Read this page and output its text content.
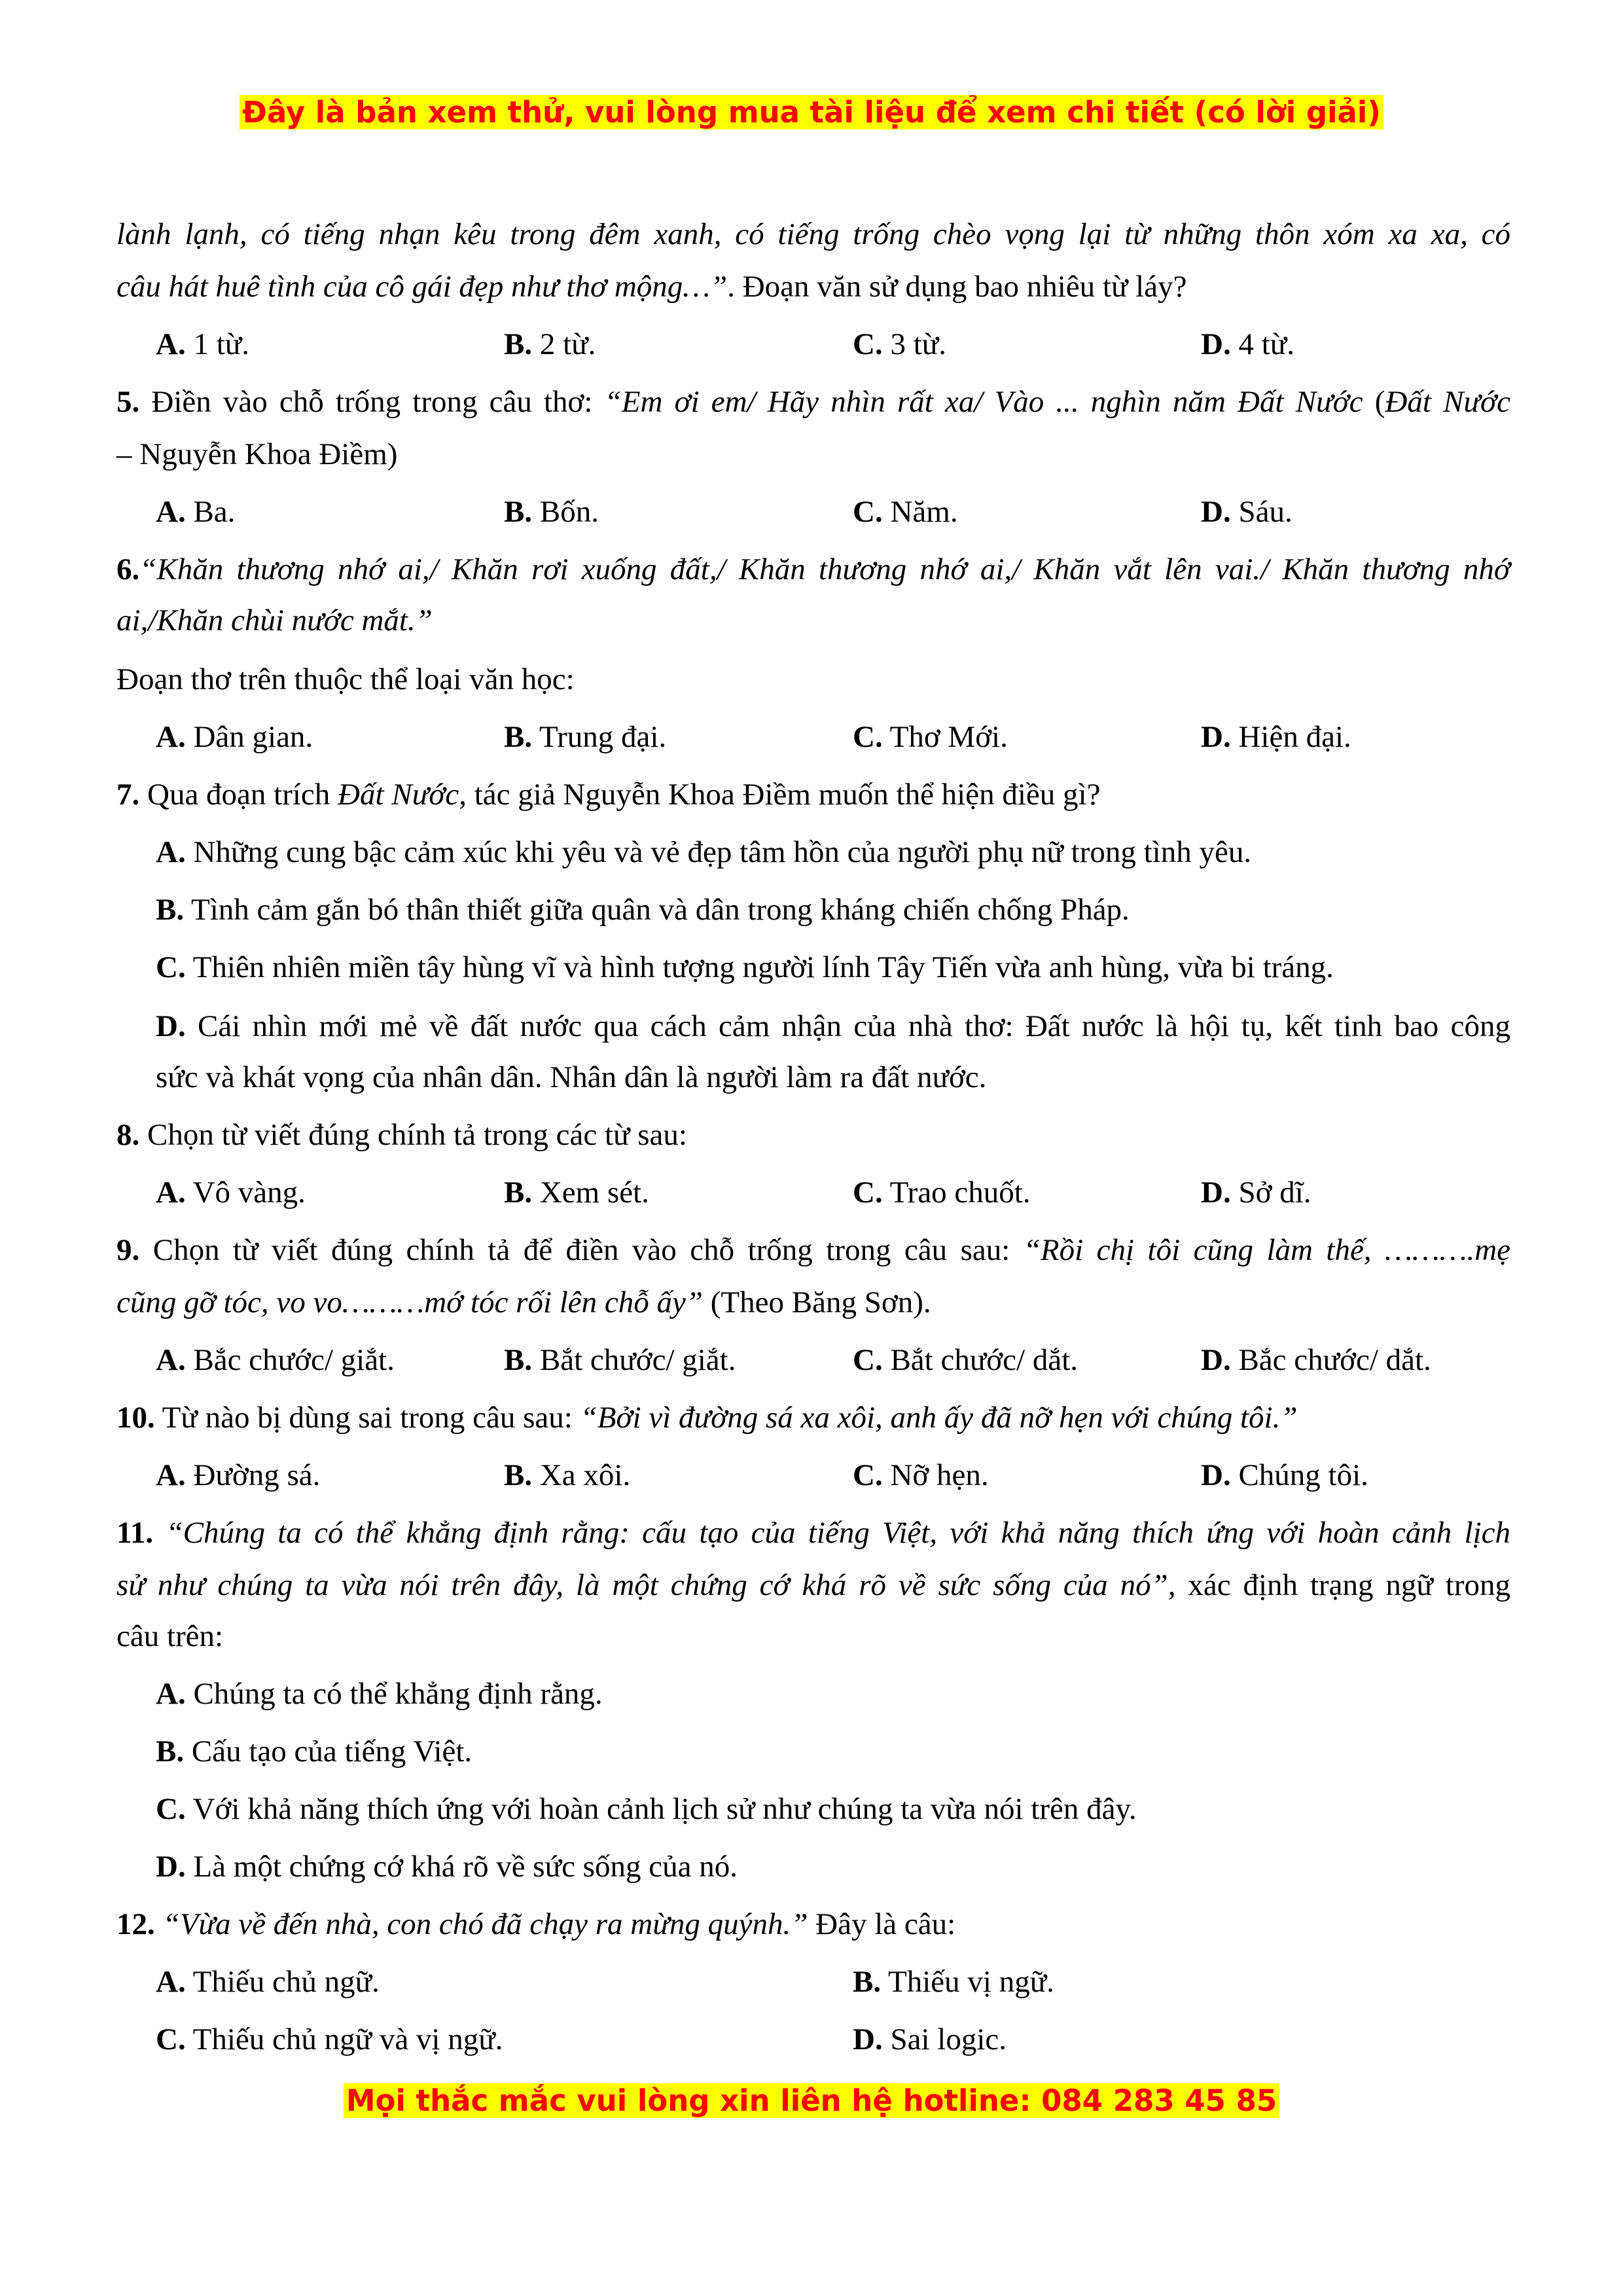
Đây là bản xem thử, vui lòng mua tài liệu để xem chi tiết (có lời giải)
lành lạnh, có tiếng nhạn kêu trong đêm xanh, có tiếng trống chèo vọng lại từ những thôn xóm xa xa, có
câu hát huê tình của cô gái đẹp như thơ mộng…”. Đoạn văn sử dụng bao nhiêu từ láy?
A. 1 từ.	B. 2 từ.	C. 3 từ.	D. 4 từ.
5. Điền vào chỗ trống trong câu thơ: “Em ơi em/ Hãy nhìn rất xa/ Vào ... nghìn năm Đất Nước (Đất Nước
– Nguyễn Khoa Điềm)
A. Ba.	B. Bốn.	C. Năm.	D. Sáu.
6.“Khăn thương nhớ ai,/ Khăn rơi xuống đất,/ Khăn thương nhớ ai,/ Khăn vắt lên vai./ Khăn thương nhớ
ai,/Khăn chùi nước mắt.”
Đoạn thơ trên thuộc thể loại văn học:
A. Dân gian.	B. Trung đại.	C. Thơ Mới.	D. Hiện đại.
7. Qua đoạn trích Đất Nước, tác giả Nguyễn Khoa Điềm muốn thể hiện điều gì?
A. Những cung bậc cảm xúc khi yêu và vẻ đẹp tâm hồn của người phụ nữ trong tình yêu.
B. Tình cảm gắn bó thân thiết giữa quân và dân trong kháng chiến chống Pháp.
C. Thiên nhiên miền tây hùng vĩ và hình tượng người lính Tây Tiến vừa anh hùng, vừa bi tráng.
D. Cái nhìn mới mẻ về đất nước qua cách cảm nhận của nhà thơ: Đất nước là hội tụ, kết tinh bao công
sức và khát vọng của nhân dân. Nhân dân là người làm ra đất nước.
8. Chọn từ viết đúng chính tả trong các từ sau:
A. Vô vàng.	B. Xem sét.	C. Trao chuốt.	D. Sở dĩ.
9. Chọn từ viết đúng chính tả để điền vào chỗ trống trong câu sau: “Rồi chị tôi cũng làm thế, ……….mẹ
cũng gỡ tóc, vo vo………mớ tóc rối lên chỗ ấy” (Theo Băng Sơn).
A. Bắc chước/ giắt.	B. Bắt chước/ giắt.	C. Bắt chước/ dắt.	D. Bắc chước/ dắt.
10. Từ nào bị dùng sai trong câu sau: “Bởi vì đường sá xa xôi, anh ấy đã nỡ hẹn với chúng tôi.”
A. Đường sá.	B. Xa xôi.	C. Nỡ hẹn.	D. Chúng tôi.
11. “Chúng ta có thể khẳng định rằng: cấu tạo của tiếng Việt, với khả năng thích ứng với hoàn cảnh lịch
sử như chúng ta vừa nói trên đây, là một chứng cớ khá rõ về sức sống của nó”, xác định trạng ngữ trong
câu trên:
A. Chúng ta có thể khẳng định rằng.
B. Cấu tạo của tiếng Việt.
C. Với khả năng thích ứng với hoàn cảnh lịch sử như chúng ta vừa nói trên đây.
D. Là một chứng cớ khá rõ về sức sống của nó.
12. “Vừa về đến nhà, con chó đã chạy ra mừng quýnh.” Đây là câu:
A. Thiếu chủ ngữ.	B. Thiếu vị ngữ.
C. Thiếu chủ ngữ và vị ngữ.	D. Sai logic.
Mọi thắc mắc vui lòng xin liên hệ hotline: 084 283 45 85
